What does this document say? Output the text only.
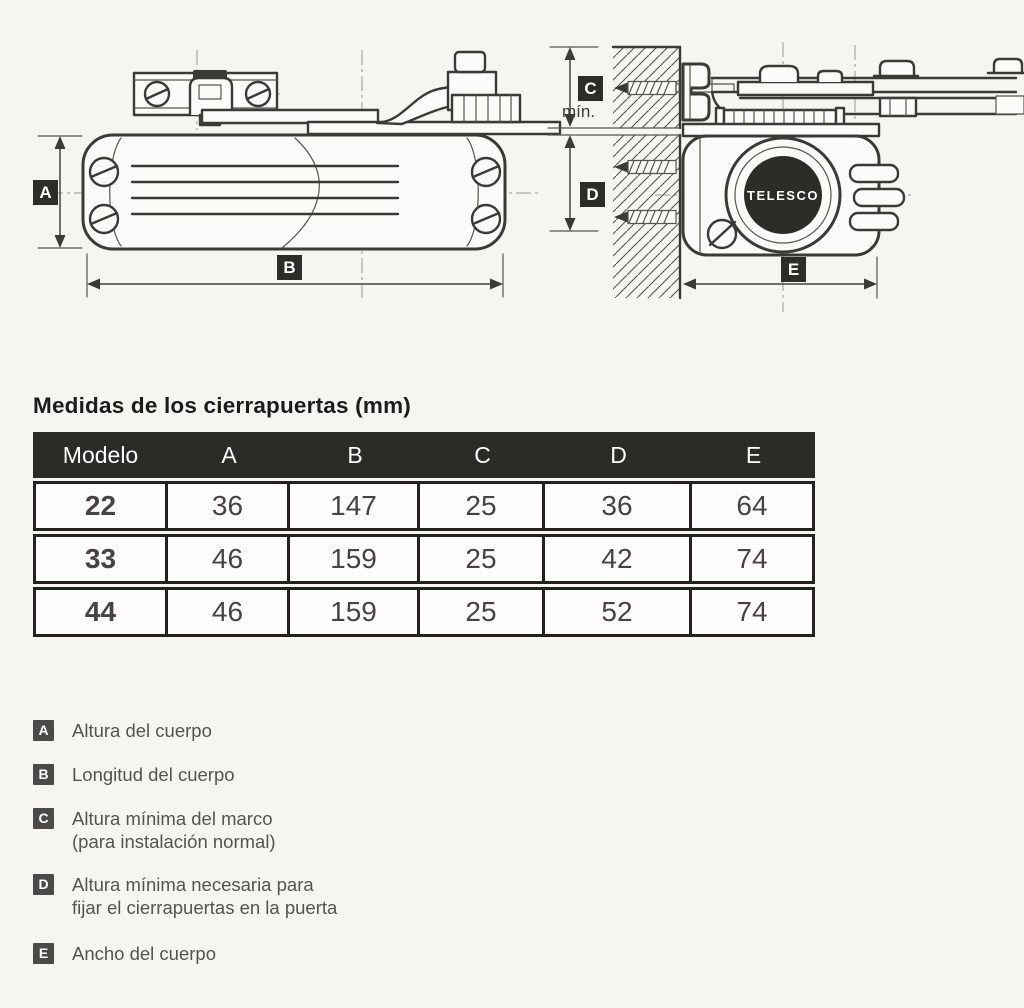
TELESCO
A
B
C
mín.
D
E
Medidas de los cierrapuertas (mm)
Modelo	A	B	C	D	E
22	36	147	25	36	64
33	46	159	25	42	74
44	46	159	25	52	74
A Altura del cuerpo
B Longitud del cuerpo
C Altura mínima del marco
(para instalación normal)
D Altura mínima necesaria para
fijar el cierrapuertas en la puerta
E	Ancho del cuerpo
